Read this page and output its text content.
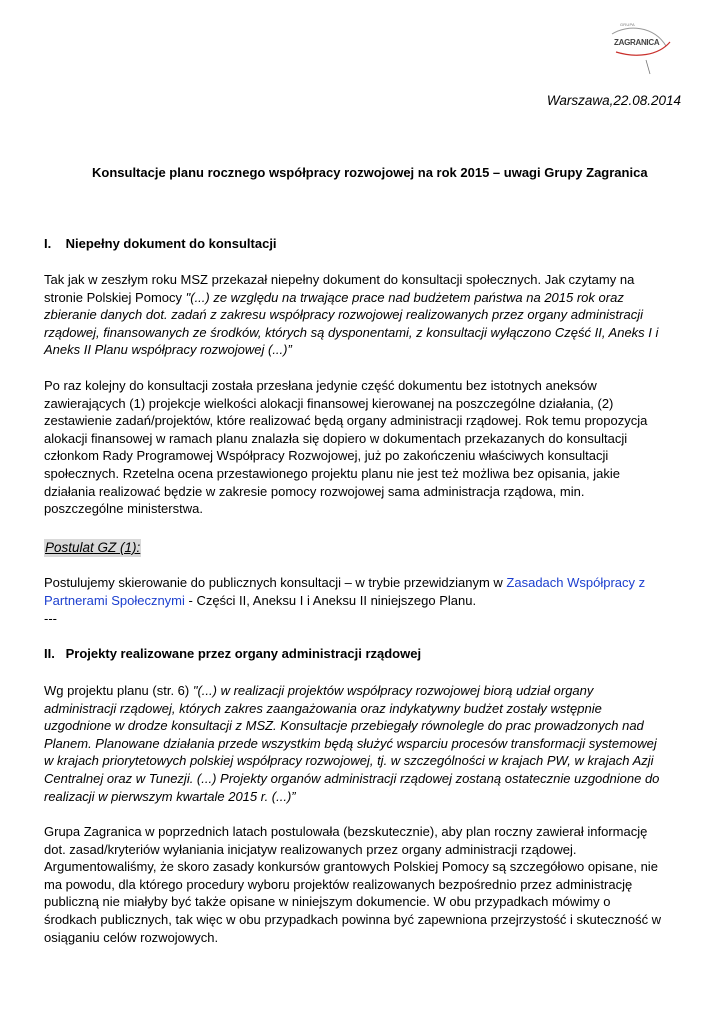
GRUPA
ZAGRANICA
Warszawa,22.08.2014
Konsultacje planu rocznego współpracy rozwojowej na rok 2015 – uwagi Grupy Zagranica
I. Niepełny dokument do konsultacji
Tak jak w zeszłym roku MSZ przekazał niepełny dokument do konsultacji społecznych. Jak czytamy na
stronie Polskiej Pomocy "(...) ze względu na trwające prace nad budżetem państwa na 2015 rok oraz
zbieranie danych dot. zadań z zakresu współpracy rozwojowej realizowanych przez organy administracji
rządowej, finansowanych ze środków, których są dysponentami, z konsultacji wyłączono Część II, Aneks I i
Aneks II Planu współpracy rozwojowej (...)”
Po raz kolejny do konsultacji została przesłana jedynie część dokumentu bez istotnych aneksów
zawierających (1) projekcje wielkości alokacji finansowej kierowanej na poszczególne działania, (2)
zestawienie zadań/projektów, które realizować będą organy administracji rządowej. Rok temu propozycja
alokacji finansowej w ramach planu znalazła się dopiero w dokumentach przekazanych do konsultacji
członkom Rady Programowej Współpracy Rozwojowej, już po zakończeniu właściwych konsultacji
społecznych. Rzetelna ocena przestawionego projektu planu nie jest też możliwa bez opisania, jakie
działania realizować będzie w zakresie pomocy rozwojowej sama administracja rządowa, min.
poszczególne ministerstwa.
Postulat GZ (1):
Postulujemy skierowanie do publicznych konsultacji – w trybie przewidzianym w Zasadach Współpracy z
Partnerami Społecznymi - Części II, Aneksu I i Aneksu II niniejszego Planu.
---
II. Projekty realizowane przez organy administracji rządowej
Wg projektu planu (str. 6) "(...) w realizacji projektów współpracy rozwojowej biorą udział organy
administracji rządowej, których zakres zaangażowania oraz indykatywny budżet zostały wstępnie
uzgodnione w drodze konsultacji z MSZ. Konsultacje przebiegały równolegle do prac prowadzonych nad
Planem. Planowane działania przede wszystkim będą służyć wsparciu procesów transformacji systemowej
w krajach priorytetowych polskiej współpracy rozwojowej, tj. w szczególności w krajach PW, w krajach Azji
Centralnej oraz w Tunezji. (...) Projekty organów administracji rządowej zostaną ostatecznie uzgodnione do
realizacji w pierwszym kwartale 2015 r. (...)”
Grupa Zagranica w poprzednich latach postulowała (bezskutecznie), aby plan roczny zawierał informację
dot. zasad/kryteriów wyłaniania inicjatyw realizowanych przez organy administracji rządowej.
Argumentowaliśmy, że skoro zasady konkursów grantowych Polskiej Pomocy są szczegółowo opisane, nie
ma powodu, dla którego procedury wyboru projektów realizowanych bezpośrednio przez administrację
publiczną nie miałyby być także opisane w niniejszym dokumencie. W obu przypadkach mówimy o
środkach publicznych, tak więc w obu przypadkach powinna być zapewniona przejrzystość i skuteczność w
osiąganiu celów rozwojowych.
